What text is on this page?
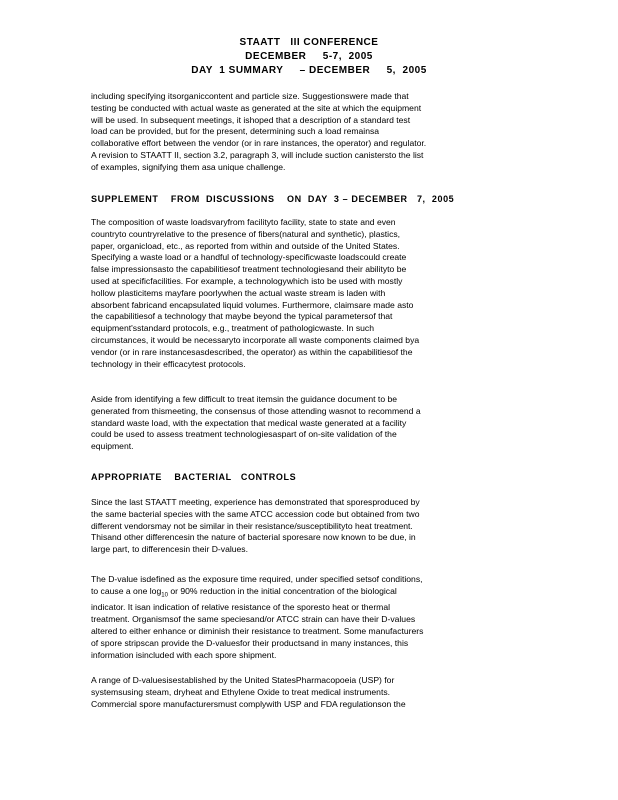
STAATT   III CONFERENCE
DECEMBER     5-7,  2005
DAY  1 SUMMARY     – DECEMBER     5,  2005
including specifying itsorganiccontent and particle size. Suggestionswere made that
testing be conducted with actual waste as generated at the site at which the equipment
will be used. In subsequent meetings, it ishoped that a description of a standard test
load can be provided, but for the present, determining such a load remainsa
collaborative effort between the vendor (or in rare instances, the operator) and regulator.
A revision to STAATT II, section 3.2, paragraph 3, will include suction canistersto the list
of examples, signifying them asa unique challenge.
SUPPLEMENT    FROM  DISCUSSIONS    ON  DAY  3 – DECEMBER   7,  2005
The composition of waste loadsvaryfrom facilityto facility, state to state and even
countryto countryrelative to the presence of fibers(natural and synthetic), plastics,
paper, organicload, etc., as reported from within and outside of the United States.
Specifying a waste load or a handful of technology-specificwaste loadscould create
false impressionsasto the capabilitiesof treatment technologiesand their abilityto be
used at specificfacilities. For example, a technologywhich isto be used with mostly
hollow plasticitems mayfare poorlywhen the actual waste stream is laden with
absorbent fabricand encapsulated liquid volumes. Furthermore, claimsare made asto
the capabilitiesof a technology that maybe beyond the typical parametersof that
equipment'sstandard protocols, e.g., treatment of pathologicwaste. In such
circumstances, it would be necessaryto incorporate all waste components claimed bya
vendor (or in rare instancesasdescribed, the operator) as within the capabilitiesof the
technology in their efficacytest protocols.
Aside from identifying a few difficult to treat itemsin the guidance document to be
generated from thismeeting, the consensus of those attending wasnot to recommend a
standard waste load, with the expectation that medical waste generated at a facility
could be used to assess treatment technologiesaspart of on-site validation of the
equipment.
APPROPRIATE    BACTERIAL   CONTROLS
Since the last STAATT meeting, experience has demonstrated that sporesproduced by
the same bacterial species with the same ATCC accession code but obtained from two
different vendorsmay not be similar in their resistance/susceptibilityto heat treatment.
Thisand other differencesin the nature of bacterial sporesare now known to be due, in
large part, to differencesin their D-values.
The D-value isdefined as the exposure time required, under specified setsof conditions,
to cause a one $\log_{10}$ or 90% reduction in the initial concentration of the biological
indicator. It isan indication of relative resistance of the sporesto heat or thermal
treatment. Organismsof the same speciesand/or ATCC strain can have their D-values
altered to either enhance or diminish their resistance to treatment. Some manufacturers
of spore stripscan provide the D-valuesfor their productsand in many instances, this
information isincluded with each spore shipment.
A range of D-valuesisestablished by the United StatesPharmacopoeia (USP) for
systemsusing steam, dryheat and Ethylene Oxide to treat medical instruments.
Commercial spore manufacturersmust complywith USP and FDA regulationson the
